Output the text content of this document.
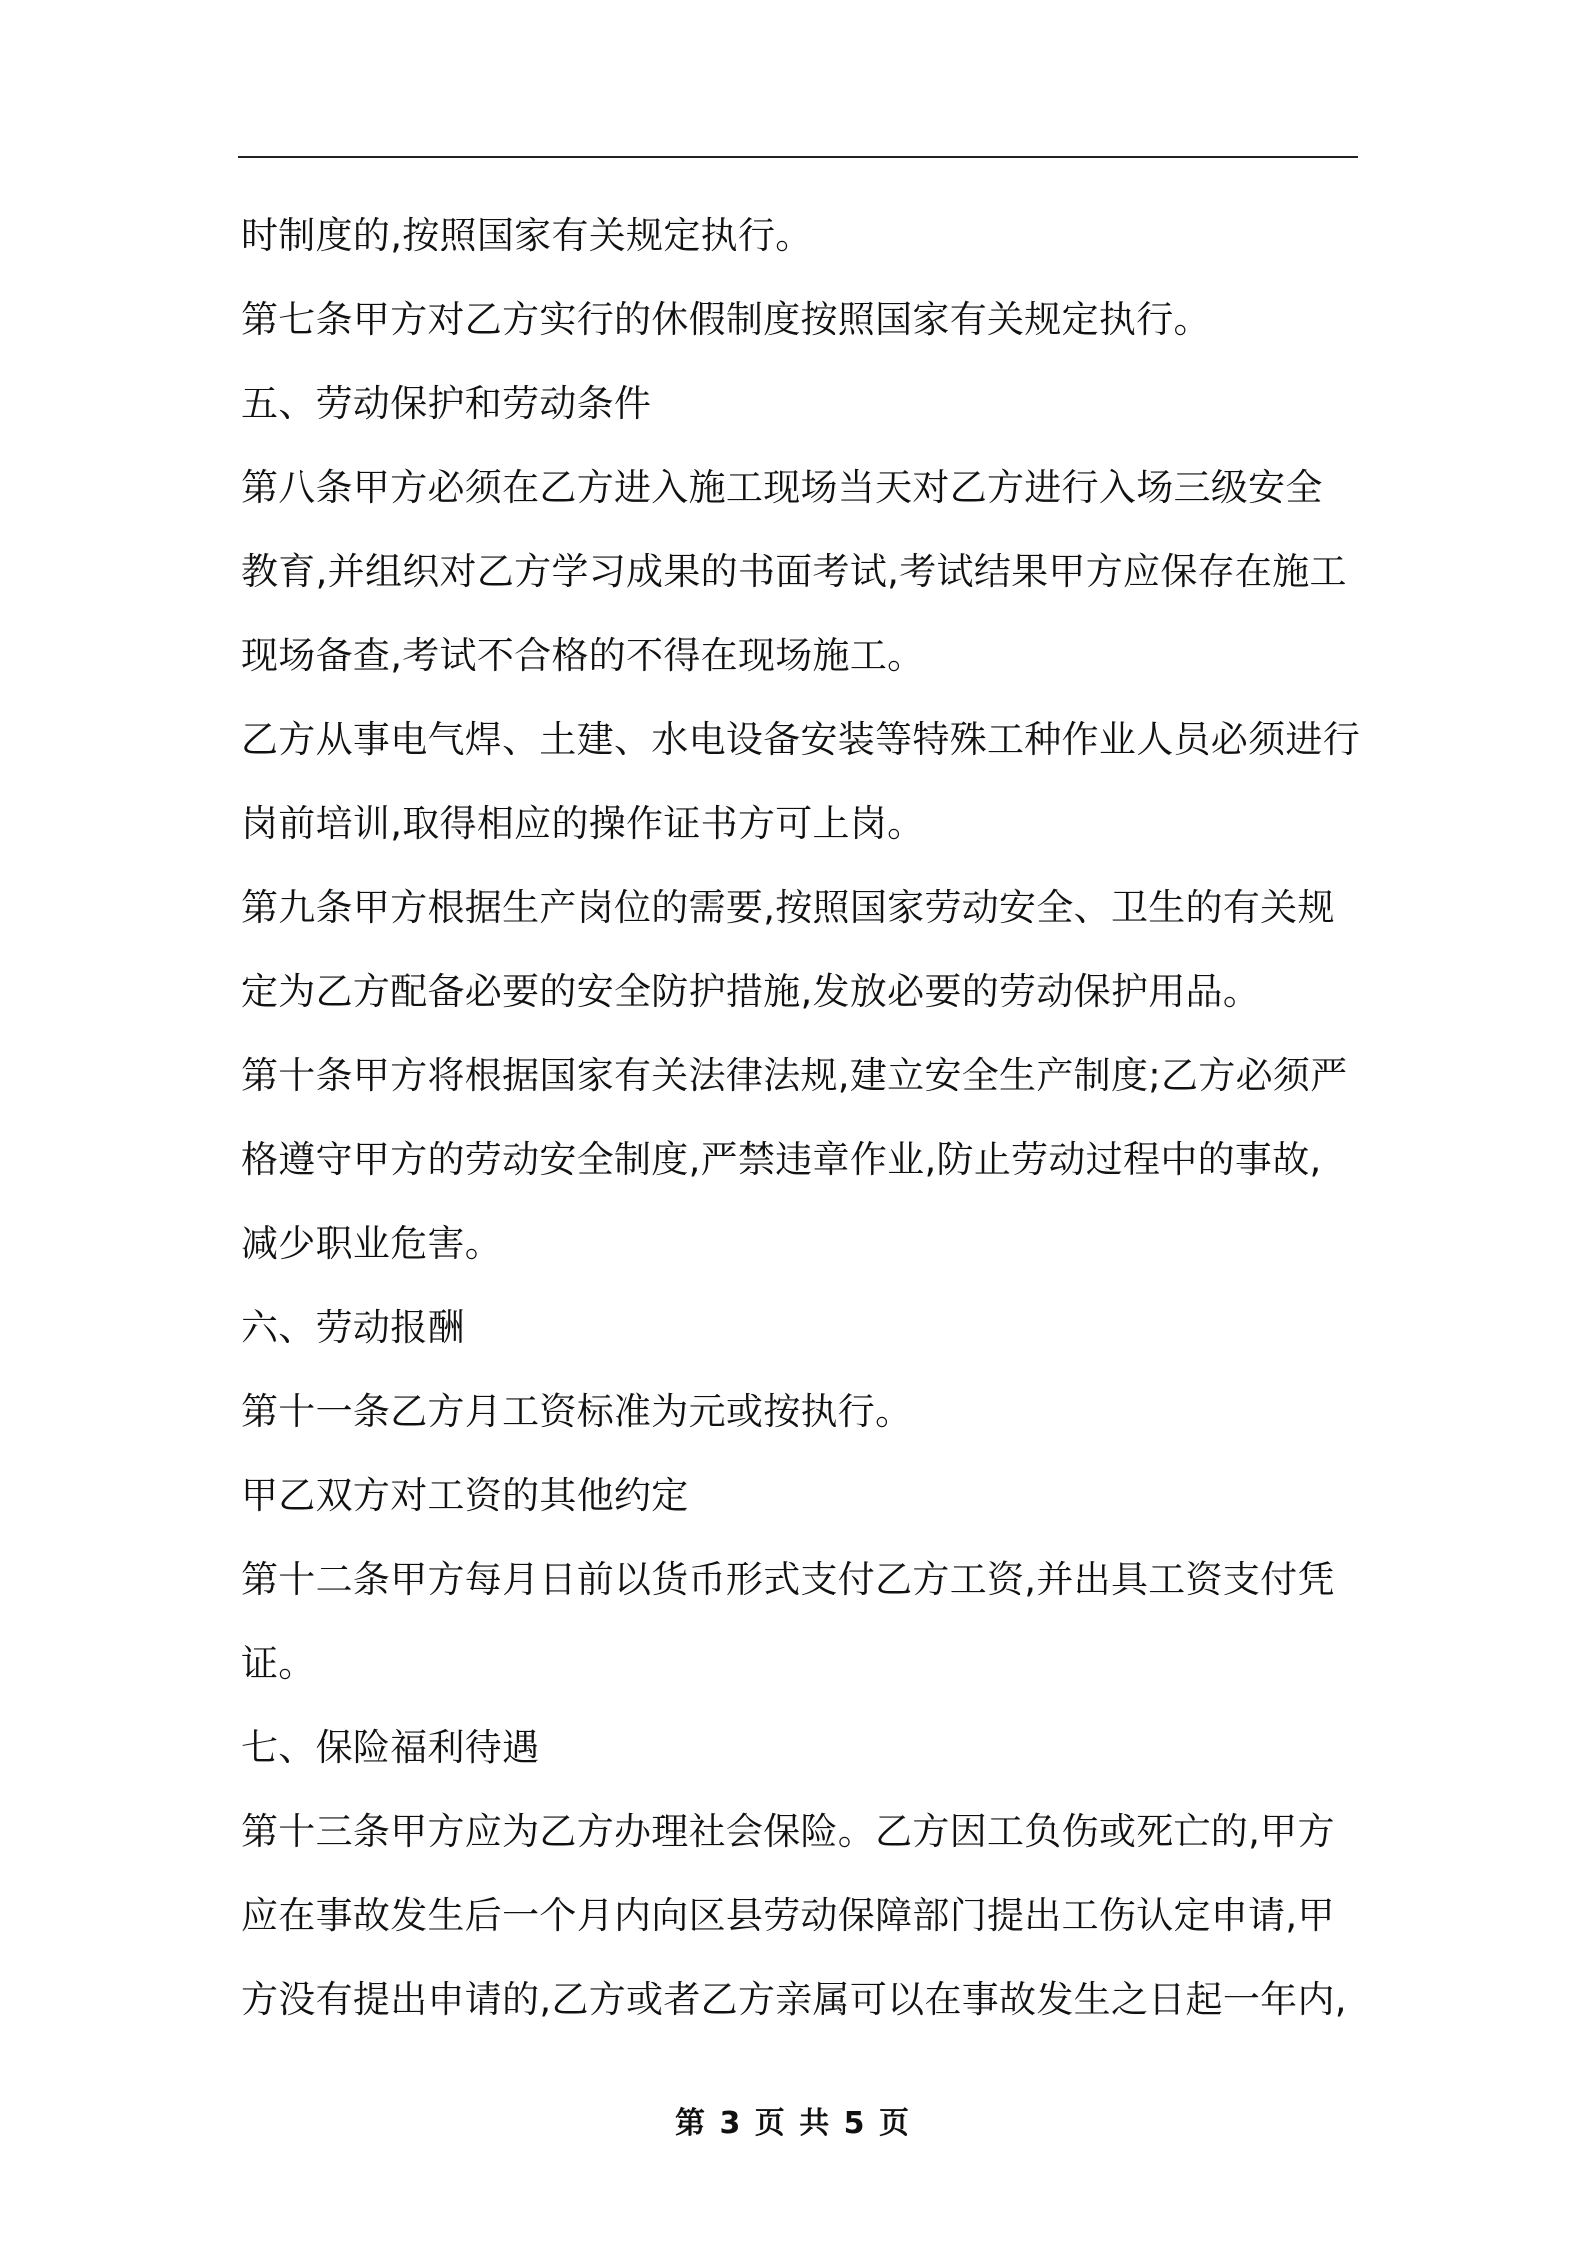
时制度的,按照国家有关规定执行。
第七条甲方对乙方实行的休假制度按照国家有关规定执行。
五、劳动保护和劳动条件
第八条甲方必须在乙方进入施工现场当天对乙方进行入场三级安全
教育,并组织对乙方学习成果的书面考试,考试结果甲方应保存在施工
现场备查,考试不合格的不得在现场施工。
乙方从事电气焊、土建、水电设备安装等特殊工种作业人员必须进行
岗前培训,取得相应的操作证书方可上岗。
第九条甲方根据生产岗位的需要,按照国家劳动安全、卫生的有关规
定为乙方配备必要的安全防护措施,发放必要的劳动保护用品。
第十条甲方将根据国家有关法律法规,建立安全生产制度;乙方必须严
格遵守甲方的劳动安全制度,严禁违章作业,防止劳动过程中的事故,
减少职业危害。
六、劳动报酬
第十一条乙方月工资标准为元或按执行。
甲乙双方对工资的其他约定
第十二条甲方每月日前以货币形式支付乙方工资,并出具工资支付凭
证。
七、保险福利待遇
第十三条甲方应为乙方办理社会保险。乙方因工负伤或死亡的,甲方
应在事故发生后一个月内向区县劳动保障部门提出工伤认定申请,甲
方没有提出申请的,乙方或者乙方亲属可以在事故发生之日起一年内,
第 3 页 共 5 页
